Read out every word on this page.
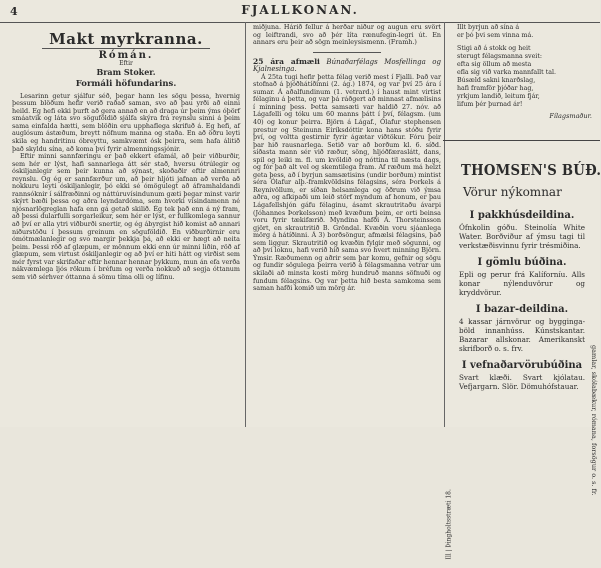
4	FJALLKONAN.
Makt myrkranna.
Rómán.
Eftir
Bram Stoker.
Formáli höfundarins.

Lesarinn getur sjálfur séð, þegar hann les sögu þessa, hvernig þessum blöðum hefir verið raðað saman, svo að þau yrði að einni heild. Eg hefi ekki þurft að gera annað en að draga úr þeim ýms óþörf smáatvik og láta svo söguföldið sjálfa skýra frá reynslu sinni á þeim sama einfalda hætti, sem blöðin eru upphaflega skrifuð á. Eg hefi, af auglósum ástæðum, breytt nöfnum manna og staða. En að öðru leyti skila eg handritinu óbreyttu, samkvæmt ósk þeirra, sem hafa álitið það skyldu sína, að koma því fyrir almenningssjónir.

Eftir minni sannfæringu er það ekkert efamál, að þeir viðburðir, sem hér er lýst, hafi sannarlega átt sér stað, hversu ótrúlegir og óskiljanlegir sem þeir kunna að sýnast, skoðaðir eftir almennri reynslu. Og ég er sannfærður um, að þeir hljóti jafnan að verða að nokkuru leyti óskiljanlegir, þó ekki sé ómögulegt að áframhaldandi rannsóknir í sálfræðinni og náttúruvísindunum gæti þegar minst varir skýrt bæði þessa og aðra leyndardóma, sem hvorki vísindamenn né njósnarlögreglan hafa enn gá getað skilið. Ég tek það enn á ný fram, að þessi dularfulli sorgarleikur, sem hér er lýst, er fullkomlega sannur að því er alla ytri viðburði snertir, og ég ábyrgist hið komist að annari niðurstöðu í þessum greinum en söguföldið. En viðburðirnir eru ómótmælanlegir og svo margir þekkja þá, að ekki er hægt að neita þeim. Þessi röð af glæpum, er mönnum ekki enn úr minni liðin, röð af glæpum, sem virtust óskiljanlegir og að því er hiti hátt og virðist sem mér fyrst var skrifaðar eftir hennar hennar þykkum, mun án efa verða nákvæmlega ljós rökum í bréfum og verða nokkuð að segja óttanum sem við sérhver óttanna á sömu tíma olli og lífinu.

miðjuna. Hárið fellur á herðar niður og augun eru svört og leiftrandi, svo að þér líta rænufegin-legri út. En annars eru þeir að sögn meinleysismenn. (Framh.)

25 ára afmæli Búnaðarfélags Mosfellinga og Kjalnesinga.

Á 25ta tugi hefir þetta félag verið mest í Fjalli. Það var stofnað á þjóðhátíðinni (2. ág.) 1874, og var því 25 ára í sumar. Á aðalfundinum (1. vetrard.) í haust mint virtist félaginu á þetta, og var þá ráðgert að minnast afmælisins í minning þess. Þetta samsæti var haldið 27. nóv. að Lágafelli og tóku um 60 manns þátt í því, félagsm. (um 40) og konur þeirra. Björn á Lágaf., Ólafur stephensen prestur og Steinunn Eiríksdóttir kona hans stóðu fyrir því, og voltta gestirnir fyrir ágætar viðtökur. Fóru þeir þar hið rausnarlega. Setið var að borðum kl. 6. síðd. síðasta mann sér við ræður, söng, hljóðfæraslátt, dans, spil og leiki m. fl. um kvöldið og nóttina til næsta dags, og fór það alt vel og skemtilega fram. Af ræðum má helzt geta þess, að í byrjun samsætisins (undir borðum) mintist séra Ólafur alþ.-framkvöldsins félagsins, séra Þorkels á Reynivöllum, er síðan helsamlega og öðrum við ýmsa aðra, og afkipaði um leið störf myndum af honum, er þau Lágafellshjón gáfu félaginu, ásamt skrautritaðu ávarpi (Jóhannes Þorkelsson) með kvæðum þeim, er orti beinsa voru fyrir tækifærið. Myndina hafði Á. Thorsteinsson gjört, en skrautritið B. Gröndal. Kvæðin voru sjáanlega mörg á hátíðinni. Á 3) borðsöngur, afmælsi félagsins, það sem liggur. Skrautritið og kvæðin fylgir með sögunni, og að því loknu, hafi verið hið sama svo hvert minning Björn. Ýmsir. Ræðumenn og aðrir sem þar komu, gefnir og sögu og fundir sögulega þeirra verið á félagsmanna vetrar um skilaði að minsta kosti mörg hundruð manns söfnuði og fundum félagsins. Og var þetta hið besta samkoma sem saman hafði komið um mörg ár.

Illt byrjun að sína á
er þó þvi sem vinna má.
Stigi að á stokk og heit
sterugt félagsmanna sveit:
efta sig öllum að mesta
efla sig við varka mannfallt tal.
Búsæld sakni knarðslag,
hafi framför þjóðar hag,
yrkjum landið, leitum fjár,
lifum þér þurnad ár!
Fílagsmaður.
THOMSEN'S BÚÐ.
Vörur nýkomnar
I pakkhúsdeildina.
Ófnkolin góðu. Steinolía White Water. Borðviður af ýmsu tagi til verkstæðisvinnu fyrir trésmiðina.
I gömlu búðina.
Epli og perur frá Kalíforníu. Alls konar nýlenduvörur og kryddvörur.
I bazar-deildina.
4 kassar járnvörur og bygginga-böld innanhúss. Kúnstskantar. Bazarar allskonar. Amerikanskt skrifborð o. s. frv.
I vefnaðarvörubúðina
Svart klæði. Svart kjólatau. Vefjargarn. Slör. Dömuhófstauar.
Ill | Þingholtsstræti 18.
gamlar, skólabækur, rómana, forsögur o. s. fr.
